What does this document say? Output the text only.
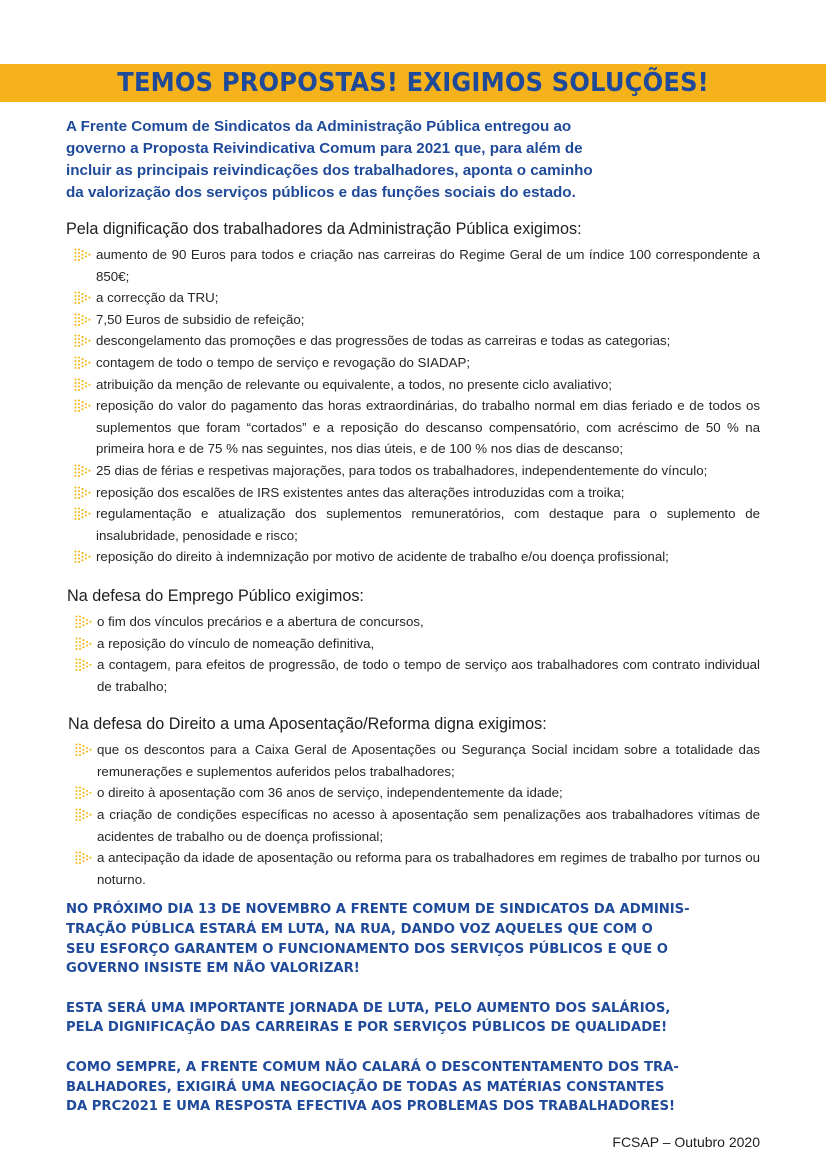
TEMOS PROPOSTAS! EXIGIMOS SOLUÇÕES!

A Frente Comum de Sindicatos da Administração Pública entregou ao
governo a Proposta Reivindicativa Comum para 2021 que, para além de
incluir as principais reivindicações dos trabalhadores, aponta o caminho
da valorização dos serviços públicos e das funções sociais do estado.

Pela dignificação dos trabalhadores da Administração Pública exigimos:
aumento de 90 Euros para todos e criação nas carreiras do Regime Geral de um índice 100 correspondente a 850€;
a correcção da TRU;
7,50 Euros de subsidio de refeição;
descongelamento das promoções e das progressões de todas as carreiras e todas as categorias;
contagem de todo o tempo de serviço e revogação do SIADAP;
atribuição da menção de relevante ou equivalente, a todos, no presente ciclo avaliativo;
reposição do valor do pagamento das horas extraordinárias, do trabalho normal em dias feriado e de todos os suplementos que foram “cortados” e a reposição do descanso compensatório, com acréscimo de 50 % na primeira hora e de 75 % nas seguintes, nos dias úteis, e de 100 % nos dias de descanso;
25 dias de férias e respetivas majorações, para todos os trabalhadores, independentemente do vínculo;
reposição dos escalões de IRS existentes antes das alterações introduzidas com a troika;
regulamentação e atualização dos suplementos remuneratórios, com destaque para o suplemento de insalubridade, penosidade e risco;
reposição do direito à indemnização por motivo de acidente de trabalho e/ou doença profissional;
Na defesa do Emprego Público exigimos:
o fim dos vínculos precários e a abertura de concursos,
a reposição do vínculo de nomeação definitiva,
a contagem, para efeitos de progressão, de todo o tempo de serviço aos trabalhadores com contrato individual de trabalho;
Na defesa do Direito a uma Aposentação/Reforma digna exigimos:
que os descontos para a Caixa Geral de Aposentações ou Segurança Social incidam sobre a totalidade das remunerações e suplementos auferidos pelos trabalhadores;
o direito à aposentação com 36 anos de serviço, independentemente da idade;
a criação de condições específicas no acesso à aposentação sem penalizações aos trabalhadores vítimas de acidentes de trabalho ou de doença profissional;
a antecipação da idade de aposentação ou reforma para os trabalhadores em regimes de trabalho por turnos ou noturno.

NO PRÓXIMO DIA 13 DE NOVEMBRO A FRENTE COMUM DE SINDICATOS DA ADMINIS-
TRAÇÃO PÚBLICA ESTARÁ EM LUTA, NA RUA, DANDO VOZ AQUELES QUE COM O
SEU ESFORÇO GARANTEM O FUNCIONAMENTO DOS SERVIÇOS PÚBLICOS E QUE O
GOVERNO INSISTE EM NÃO VALORIZAR!

ESTA SERÁ UMA IMPORTANTE JORNADA DE LUTA, PELO AUMENTO DOS SALÁRIOS,
PELA DIGNIFICAÇÃO DAS CARREIRAS E POR SERVIÇOS PÚBLICOS DE QUALIDADE!

COMO SEMPRE, A FRENTE COMUM NÃO CALARÁ O DESCONTENTAMENTO DOS TRA-
BALHADORES, EXIGIRÁ UMA NEGOCIAÇÃO DE TODAS AS MATÉRIAS CONSTANTES
DA PRC2021 E UMA RESPOSTA EFECTIVA AOS PROBLEMAS DOS TRABALHADORES!

FCSAP – Outubro 2020
